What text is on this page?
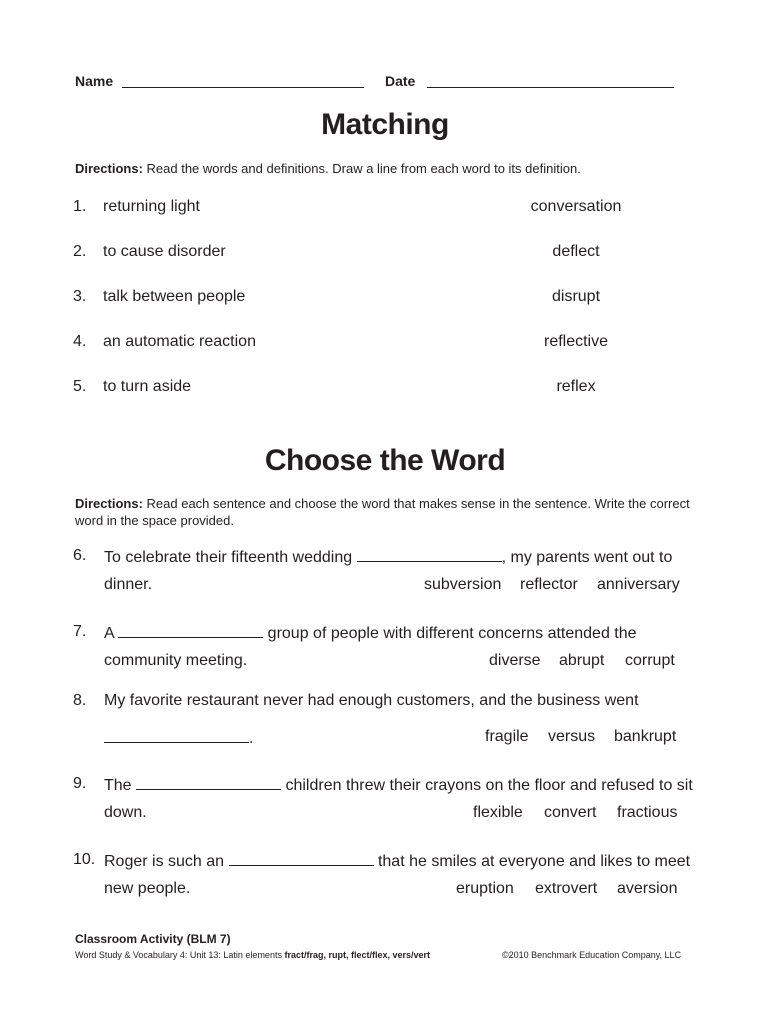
Name	Date
Matching
Directions: Read the words and definitions. Draw a line from each word to its definition.
1. returning light	conversation
2. to cause disorder	deflect
3. talk between people	disrupt
4. an automatic reaction	reflective
5. to turn aside	reflex
Choose the Word
Directions: Read each sentence and choose the word that makes sense in the sentence. Write the correct word in the space provided.
6. To celebrate their fifteenth wedding	, my parents went out to
dinner.	subversion reflector anniversary
7. A	group of people with different concerns attended the
community meeting.	diverse abrupt corrupt
8. My favorite restaurant never had enough customers, and the business went
.	fragile versus bankrupt
9. The	children threw their crayons on the floor and refused to sit
down.	flexible convert fractious
10. Roger is such an	that he smiles at everyone and likes to meet
new people.	eruption extrovert aversion
Classroom Activity (BLM 7)
Word Study & Vocabulary 4: Unit 13: Latin elements fract/frag, rupt, flect/flex, vers/vert	©2010 Benchmark Education Company, LLC
